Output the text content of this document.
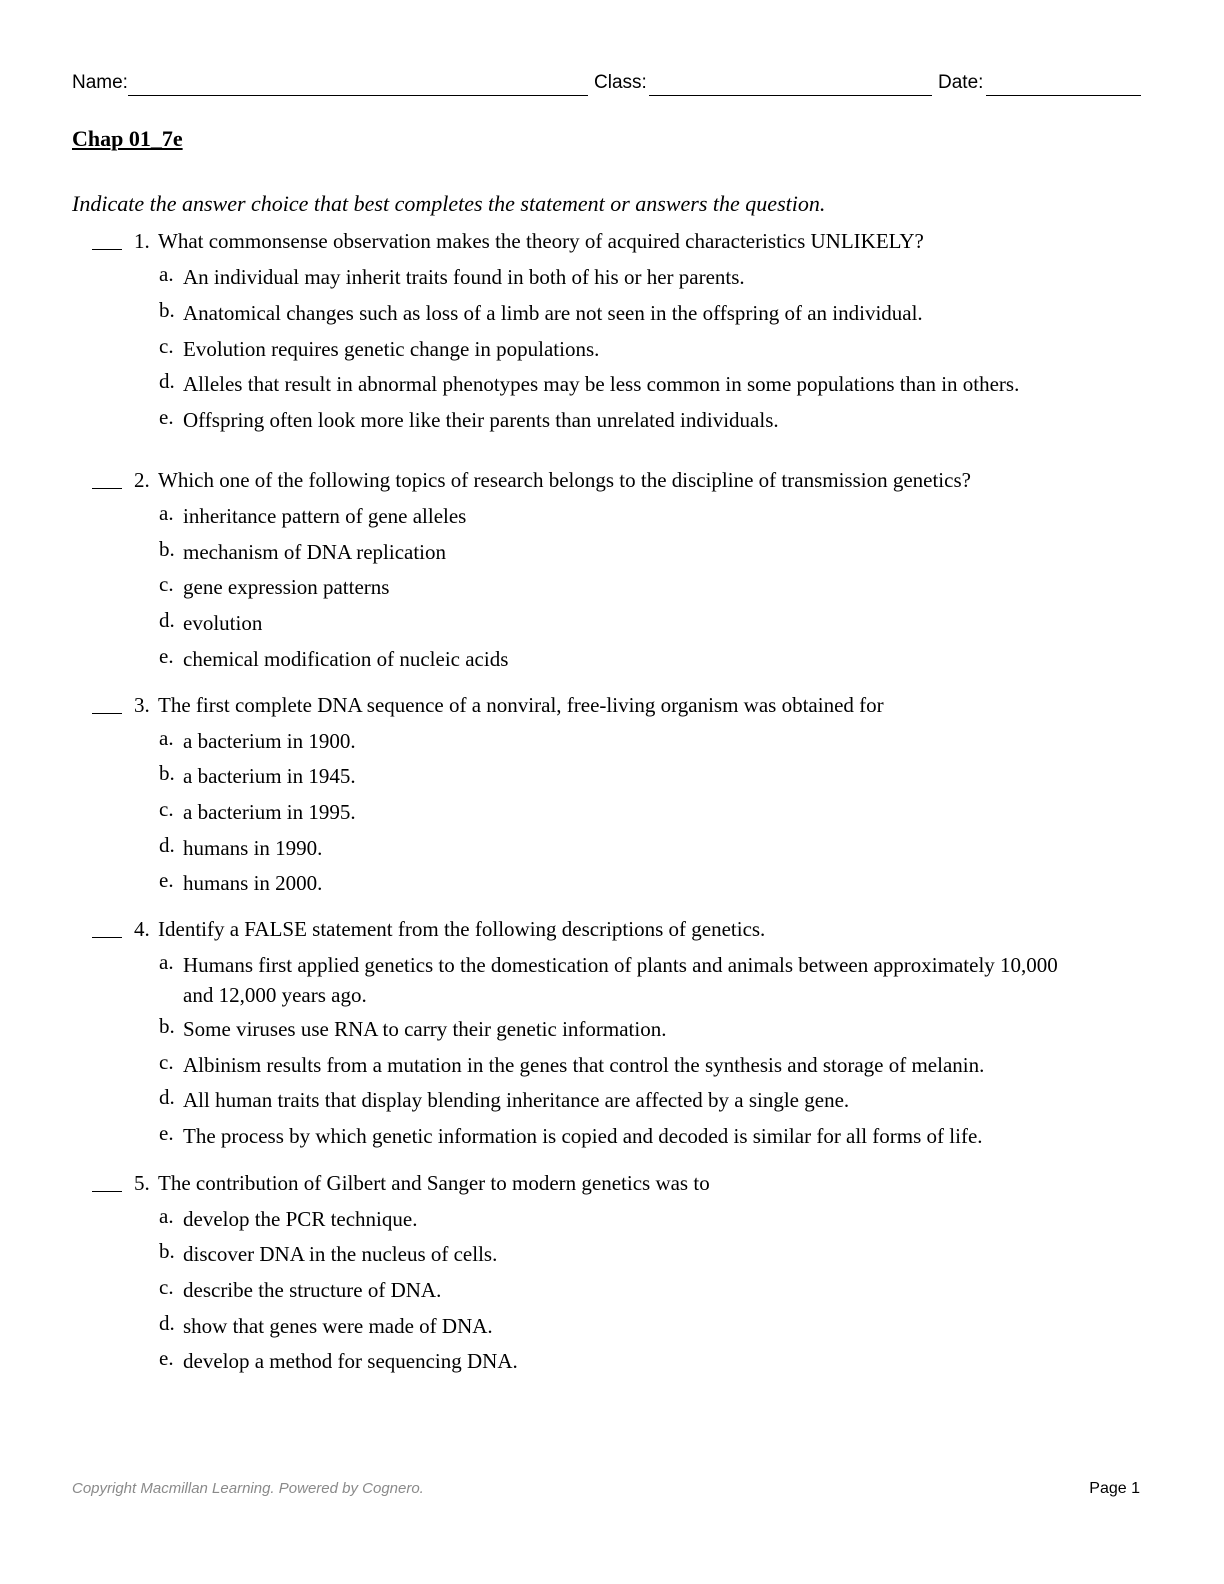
Name:	Class:	Date:
Chap 01_7e
Indicate the answer choice that best completes the statement or answers the question.
1. What commonsense observation makes the theory of acquired characteristics UNLIKELY?
a. An individual may inherit traits found in both of his or her parents.
b. Anatomical changes such as loss of a limb are not seen in the offspring of an individual.
c. Evolution requires genetic change in populations.
d. Alleles that result in abnormal phenotypes may be less common in some populations than in others.
e. Offspring often look more like their parents than unrelated individuals.
2. Which one of the following topics of research belongs to the discipline of transmission genetics?
a. inheritance pattern of gene alleles
b. mechanism of DNA replication
c. gene expression patterns
d. evolution
e. chemical modification of nucleic acids
3. The first complete DNA sequence of a nonviral, free-living organism was obtained for
a. a bacterium in 1900.
b. a bacterium in 1945.
c. a bacterium in 1995.
d. humans in 1990.
e. humans in 2000.
4. Identify a FALSE statement from the following descriptions of genetics.
a. Humans first applied genetics to the domestication of plants and animals between approximately 10,000 and 12,000 years ago.
b. Some viruses use RNA to carry their genetic information.
c. Albinism results from a mutation in the genes that control the synthesis and storage of melanin.
d. All human traits that display blending inheritance are affected by a single gene.
e. The process by which genetic information is copied and decoded is similar for all forms of life.
5. The contribution of Gilbert and Sanger to modern genetics was to
a. develop the PCR technique.
b. discover DNA in the nucleus of cells.
c. describe the structure of DNA.
d. show that genes were made of DNA.
e. develop a method for sequencing DNA.
Copyright Macmillan Learning. Powered by Cognero.	Page 1
